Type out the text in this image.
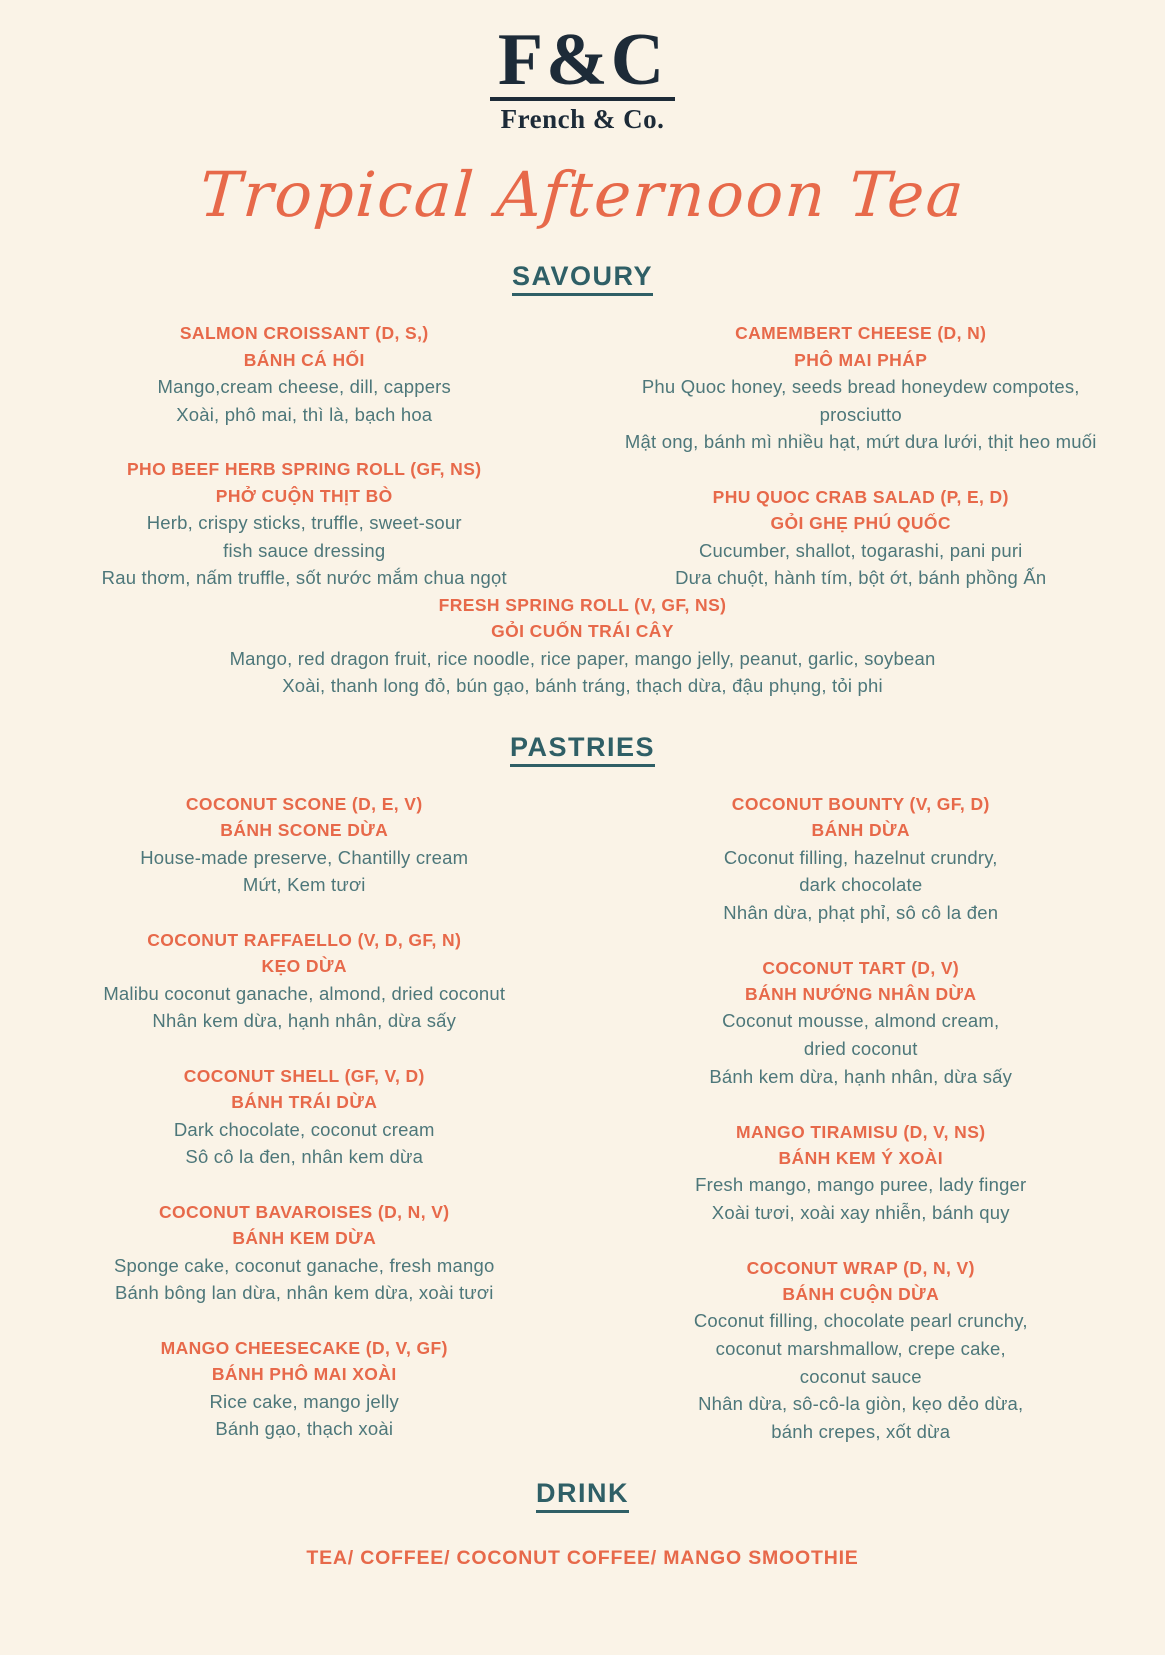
F&C
French & Co.
Tropical Afternoon Tea
SAVOURY
SALMON CROISSANT (D, S,)
BÁNH CÁ HỐI
Mango,cream cheese, dill, cappers
Xoài, phô mai, thì là, bạch hoa
PHO BEEF HERB SPRING ROLL (GF, NS)
PHỞ CUỘN THỊT BÒ
Herb, crispy sticks, truffle, sweet-sour
fish sauce dressing
Rau thơm, nấm truffle, sốt nước mắm chua ngọt
CAMEMBERT CHEESE (D, N)
PHÔ MAI PHÁP
Phu Quoc honey, seeds bread honeydew compotes,
prosciutto
Mật ong, bánh mì nhiều hạt, mứt dưa lưới, thịt heo muối
PHU QUOC CRAB SALAD (P, E, D)
GỎI GHẸ PHÚ QUỐC
Cucumber, shallot, togarashi, pani puri
Dưa chuột, hành tím, bột ớt, bánh phồng Ấn
FRESH SPRING ROLL (V, GF, NS)
GỎI CUỐN TRÁI CÂY
Mango, red dragon fruit, rice noodle, rice paper, mango jelly, peanut, garlic, soybean
Xoài, thanh long đỏ, bún gạo, bánh tráng, thạch dừa, đậu phụng, tỏi phi
PASTRIES
COCONUT SCONE (D, E, V)
BÁNH SCONE DỪA
House-made preserve, Chantilly cream
Mứt, Kem tươi
COCONUT RAFFAELLO (V, D, GF, N)
KẸO DỪA
Malibu coconut ganache, almond, dried coconut
Nhân kem dừa, hạnh nhân, dừa sấy
COCONUT SHELL (GF, V, D)
BÁNH TRÁI DỪA
Dark chocolate, coconut cream
Sô cô la đen, nhân kem dừa
COCONUT BAVAROISES (D, N, V)
BÁNH KEM DỪA
Sponge cake, coconut ganache, fresh mango
Bánh bông lan dừa, nhân kem dừa, xoài tươi
MANGO CHEESECAKE (D, V, GF)
BÁNH PHÔ MAI XOÀI
Rice cake, mango jelly
Bánh gạo, thạch xoài
COCONUT BOUNTY (V, GF, D)
BÁNH DỪA
Coconut filling, hazelnut crundry,
dark chocolate
Nhân dừa, phạt phỉ, sô cô la đen
COCONUT TART (D, V)
BÁNH NƯỚNG NHÂN DỪA
Coconut mousse, almond cream,
dried coconut
Bánh kem dừa, hạnh nhân, dừa sấy
MANGO TIRAMISU (D, V, NS)
BÁNH KEM Ý XOÀI
Fresh mango, mango puree, lady finger
Xoài tươi, xoài xay nhiễn, bánh quy
COCONUT WRAP (D, N, V)
BÁNH CUỘN DỪA
Coconut filling, chocolate pearl crunchy,
coconut marshmallow, crepe cake,
coconut sauce
Nhân dừa, sô-cô-la giòn, kẹo dẻo dừa,
bánh crepes, xốt dừa
DRINK
TEA/ COFFEE/ COCONUT COFFEE/ MANGO SMOOTHIE
